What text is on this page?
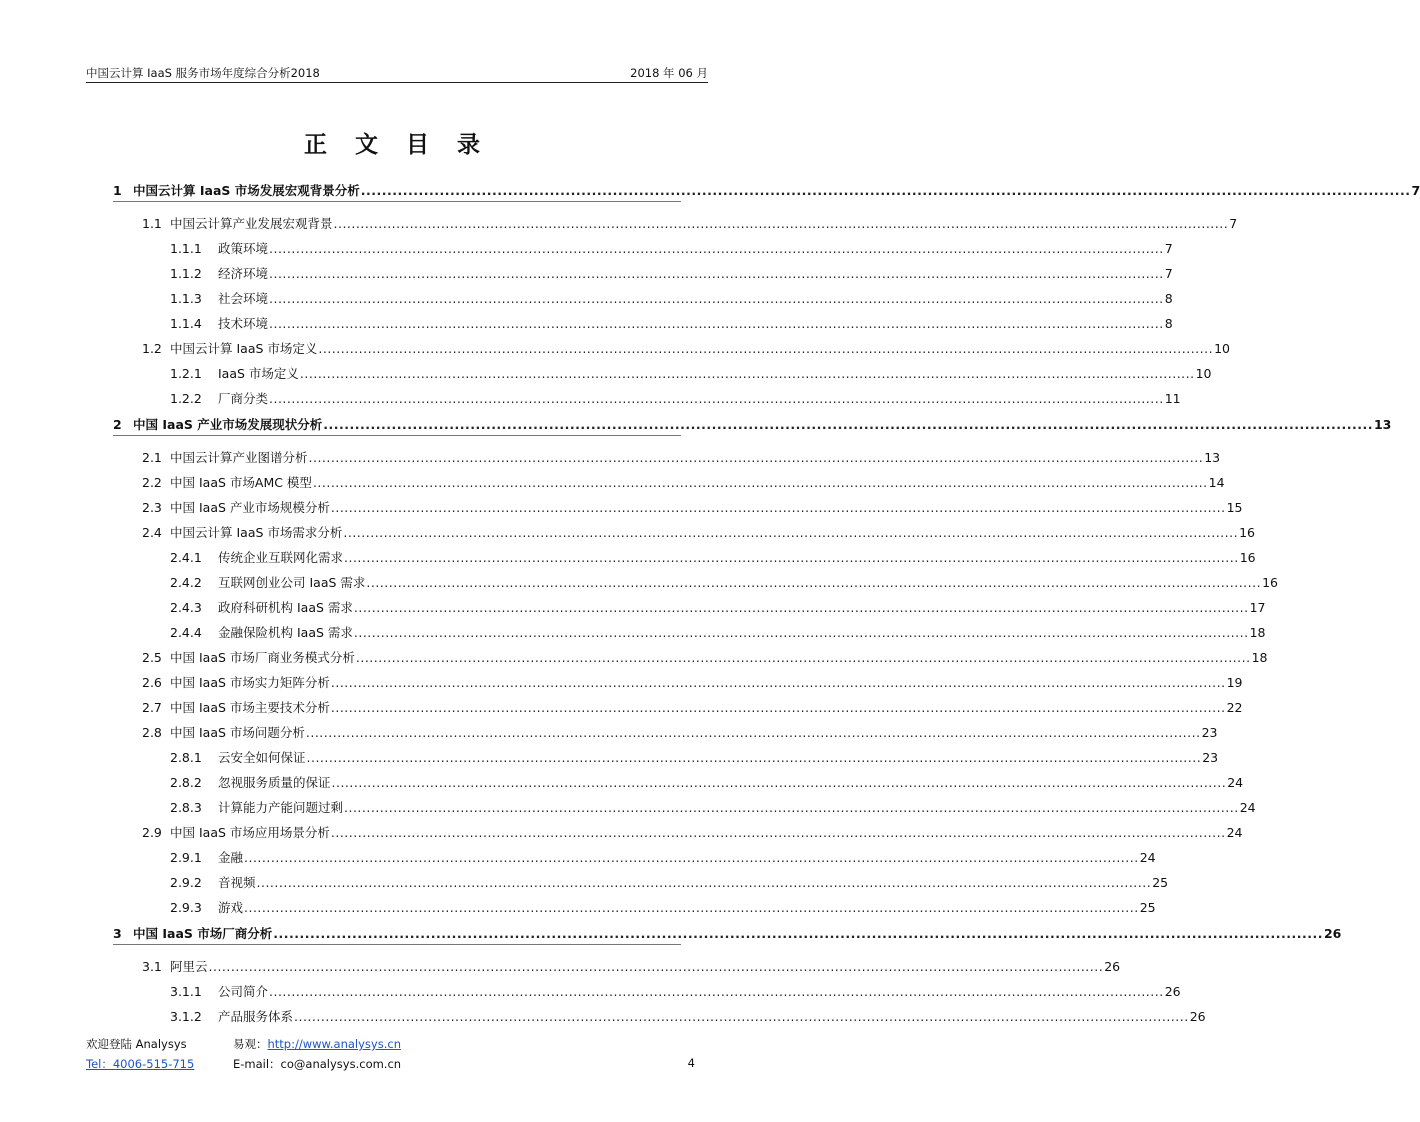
中国云计算 IaaS 服务市场年度综合分析2018	2018 年 06 月
正 文 目 录
1 中国云计算 IaaS 市场发展宏观背景分析 ........................................................................................................................................................................................................ 7
1.1 中国云计算产业发展宏观背景 ........................................................................................................................................................................................................ 7
1.1.1	政策环境 ........................................................................................................................................................................................................ 7
1.1.2	经济环境 ........................................................................................................................................................................................................ 7
1.1.3	社会环境 ........................................................................................................................................................................................................ 8
1.1.4	技术环境 ........................................................................................................................................................................................................ 8
1.2 中国云计算 IaaS 市场定义 ........................................................................................................................................................................................................ 10
1.2.1	IaaS 市场定义 ........................................................................................................................................................................................................ 10
1.2.2	厂商分类 ........................................................................................................................................................................................................ 11
2 中国 IaaS 产业市场发展现状分析 ........................................................................................................................................................................................................ 13
2.1 中国云计算产业图谱分析 ........................................................................................................................................................................................................ 13
2.2 中国 IaaS 市场AMC 模型 ........................................................................................................................................................................................................ 14
2.3 中国 IaaS 产业市场规模分析 ........................................................................................................................................................................................................ 15
2.4 中国云计算 IaaS 市场需求分析 ........................................................................................................................................................................................................ 16
2.4.1	传统企业互联网化需求 ........................................................................................................................................................................................................ 16
2.4.2	互联网创业公司 IaaS 需求 ........................................................................................................................................................................................................ 16
2.4.3	政府科研机构 IaaS 需求 ........................................................................................................................................................................................................ 17
2.4.4	金融保险机构 IaaS 需求 ........................................................................................................................................................................................................ 18
2.5 中国 IaaS 市场厂商业务模式分析 ........................................................................................................................................................................................................ 18
2.6 中国 IaaS 市场实力矩阵分析 ........................................................................................................................................................................................................ 19
2.7 中国 IaaS 市场主要技术分析 ........................................................................................................................................................................................................ 22
2.8 中国 IaaS 市场问题分析 ........................................................................................................................................................................................................ 23
2.8.1	云安全如何保证 ........................................................................................................................................................................................................ 23
2.8.2	忽视服务质量的保证 ........................................................................................................................................................................................................ 24
2.8.3	计算能力产能问题过剩 ........................................................................................................................................................................................................ 24
2.9 中国 IaaS 市场应用场景分析 ........................................................................................................................................................................................................ 24
2.9.1	金融 ........................................................................................................................................................................................................ 24
2.9.2	音视频 ........................................................................................................................................................................................................ 25
2.9.3	游戏 ........................................................................................................................................................................................................ 25
3 中国 IaaS 市场厂商分析 ........................................................................................................................................................................................................ 26
3.1 阿里云 ........................................................................................................................................................................................................ 26
3.1.1	公司简介 ........................................................................................................................................................................................................ 26
3.1.2	产品服务体系 ........................................................................................................................................................................................................ 26
欢迎登陆 Analysys	易观：http://www.analysys.cn
Tel：4006-515-715	E-mail：co@analysys.com.cn	4
